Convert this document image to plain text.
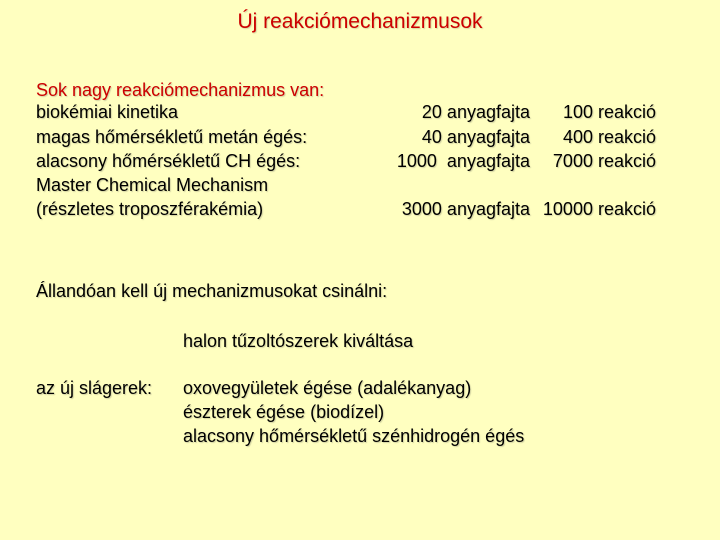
Új reakciómechanizmusok
Sok nagy reakciómechanizmus van:
biokémiai kinetika
magas hőmérsékletű metán égés:
alacsony hőmérsékletű CH égés:
Master Chemical Mechanism
(részletes troposzférakémia)
20 anyagfajta
40 anyagfajta
1000  anyagfajta
3000 anyagfajta
100 reakció
400 reakció
7000 reakció
10000 reakció
Állandóan kell új mechanizmusokat csinálni:
halon tűzoltószerek kiváltása
az új slágerek: oxovegyületek égése (adalékanyag)
észterek égése (biodízel)
alacsony hőmérsékletű szénhidrogén égés
